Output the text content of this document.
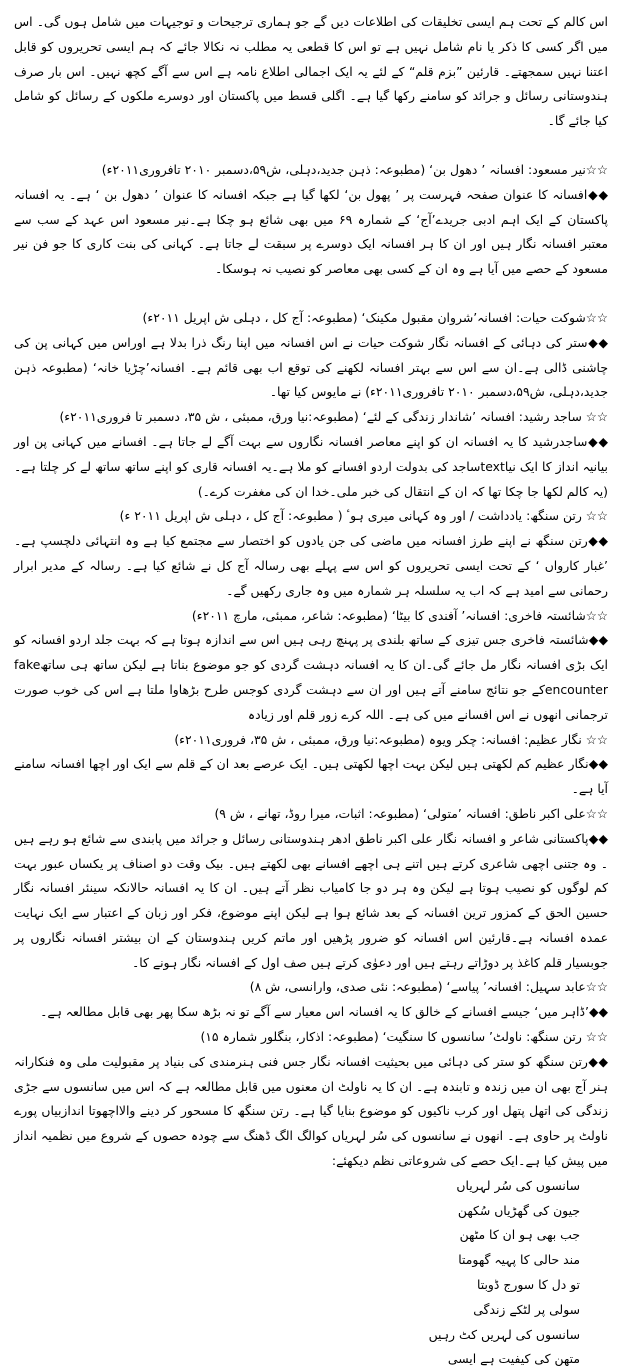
اس کالم کے تحت ہم ایسی تخلیقات کی اطلاعات دیں گے جو ہماری ترجیحات و توجیہات میں شامل ہوں گی۔ اس میں اگر کسی کا ذکر یا نام شامل نہیں ہے تو اس کا قطعی یہ مطلب نہ نکالا جائے کہ ہم ایسی تحریروں کو قابل اعتنا نہیں سمجھتے۔ قارئین ”بزم قلم“ کے لئے یہ ایک اجمالی اطلاع نامہ ہے اس سے آگے کچھ نہیں۔ اس بار صرف ہندوستانی رسائل و جرائد کو سامنے رکھا گیا ہے۔ اگلی قسط میں پاکستان اور دوسرے ملکوں کے رسائل کو شامل کیا جائے گا۔

☆☆نیر مسعود: افسانہ ’ دھول بن‘ (مطبوعہ: ذہن جدید،دہلی، ش۵۹،دسمبر ۲۰۱۰ تافروری۲۰۱۱ء)

◆◆افسانہ کا عنوان صفحہ فہرست پر ’ پھول بن‘ لکھا گیا ہے جبکہ افسانہ کا عنوان ’ دھول بن ‘ ہے۔ یہ افسانہ پاکستان کے ایک اہم ادبی جریدے’آج‘ کے شمارہ ۶۹ میں بھی شائع ہو چکا ہے۔نیر مسعود اس عہد کے سب سے معتبر افسانہ نگار ہیں اور ان کا ہر افسانہ ایک دوسرے پر سبقت لے جاتا ہے۔ کہانی کی بنت کاری کا جو فن نیر مسعود کے حصے میں آیا ہے وہ ان کے کسی بھی معاصر کو نصیب نہ ہوسکا۔

☆☆شوکت حیات: افسانہ’شروان مقبول مکینک‘ (مطبوعہ: آج کل ، دہلی ش اپریل ۲۰۱۱ء)

◆◆ستر کی دہائی کے افسانہ نگار شوکت حیات نے اس افسانہ میں اپنا رنگ ذرا بدلا ہے اوراس میں کہانی پن کی چاشنی ڈالی ہے۔ان سے اس سے بہتر افسانہ لکھنے کی توقع اب بھی قائم ہے۔ افسانہ’چڑیا خانہ‘ (مطبوعہ ذہن جدید،دہلی، ش۵۹،دسمبر ۲۰۱۰ تافروری۲۰۱۱ء) نے مایوس کیا تھا۔

☆☆ ساجد رشید: افسانہ ’شاندار زندگی کے لئے‘ (مطبوعہ:نیا ورق، ممبئی ، ش ۳۵، دسمبر تا فروری۲۰۱۱ء)

◆◆ساجدرشید کا یہ افسانہ ان کو اپنے معاصر افسانہ نگاروں سے بہت آگے لے جاتا ہے۔ افسانے میں کہانی پن اور بیانیہ انداز کا ایک نیاtextساجد کی بدولت اردو افسانے کو ملا ہے۔یہ افسانہ قاری کو اپنے ساتھ ساتھ لے کر چلتا ہے۔(یہ کالم لکھا جا چکا تھا کہ ان کے انتقال کی خبر ملی۔خدا ان کی مغفرت کرے۔)

☆☆ رتن سنگھ: یادداشت / اور وہ کہانی میری ہوٴ ( مطبوعہ: آج کل ، دہلی ش اپریل ۲۰۱۱ ء)

◆◆رتن سنگھ نے اپنے طرز افسانہ میں ماضی کی جن یادوں کو اختصار سے مجتمع کیا ہے وہ انتہائی دلچسپ ہے۔ ’غبار کارواں ‘ کے تحت ایسی تحریروں کو اس سے پہلے بھی رسالہ آج کل نے شائع کیا ہے۔ رسالہ کے مدیر ابرار رحمانی سے امید ہے کہ اب یہ سلسلہ ہر شمارہ میں وہ جاری رکھیں گے۔

☆☆شائستہ فاخری: افسانہ’ آفندی کا بیٹا‘ (مطبوعہ: شاعر، ممبئی، مارچ ۲۰۱۱ء)

◆◆شائستہ فاخری جس تیزی کے ساتھ بلندی پر پہنچ رہی ہیں اس سے اندازہ ہوتا ہے کہ بہت جلد اردو افسانہ کو ایک بڑی افسانہ نگار مل جائے گی۔ان کا یہ افسانہ دہشت گردی کو جو موضوع بناتا ہے لیکن ساتھ ہی ساتھfake encounterکے جو نتائج سامنے آتے ہیں اور ان سے دہشت گردی کوجس طرح بڑھاوا ملتا ہے اس کی خوب صورت ترجمانی انھوں نے اس افسانے میں کی ہے۔ اللہ کرے زور قلم اور زیادہ

☆☆ نگار عظیم: افسانہ: چکر ویوہ (مطبوعہ:نیا ورق، ممبئی ، ش ۳۵، فروری۲۰۱۱ء)

◆◆نگار عظیم کم لکھتی ہیں لیکن بہت اچھا لکھتی ہیں۔ ایک عرصے بعد ان کے قلم سے ایک اور اچھا افسانہ سامنے آیا ہے۔

☆☆علی اکبر ناطق: افسانہ ’متولی‘ (مطبوعہ: اثبات، میرا روڈ، تھانے ، ش ۹)

◆◆پاکستانی شاعر و افسانہ نگار علی اکبر ناطق ادھر ہندوستانی رسائل و جرائد میں پابندی سے شائع ہو رہے ہیں ۔ وہ جتنی اچھی شاعری کرتے ہیں اتنے ہی اچھے افسانے بھی لکھتے ہیں۔ بیک وقت دو اصناف پر یکساں عبور بہت کم لوگوں کو نصیب ہوتا ہے لیکن وہ ہر دو جا کامیاب نظر آتے ہیں۔ ان کا یہ افسانہ حالانکہ سینئر افسانہ نگار حسین الحق کے کمزور ترین افسانہ کے بعد شائع ہوا ہے لیکن اپنے موضوع، فکر اور زبان کے اعتبار سے ایک نہایت عمدہ افسانہ ہے۔قارئین اس افسانہ کو ضرور پڑھیں اور ماتم کریں ہندوستان کے ان بیشتر افسانہ نگاروں پر جوبسیار قلم کاغذ پر دوڑاتے رہتے ہیں اور دعوٰی کرتے ہیں صف اول کے افسانہ نگار ہونے کا۔

☆☆عابد سہیل: افسانہ’ پیاسے‘ (مطبوعہ: نئی صدی، وارانسی، ش ۸)

◆◆’ڈاہر میں‘ جیسے افسانے کے خالق کا یہ افسانہ اس معیار سے آگے تو نہ بڑھ سکا پھر بھی قابل مطالعہ ہے۔

☆☆ رتن سنگھ: ناولٹ’ سانسوں کا سنگیت‘ (مطبوعہ: اذکار، بنگلور شمارہ ۱۵)

◆◆رتن سنگھ کو ستر کی دہائی میں بحیثیت افسانہ نگار جس فنی ہنرمندی کی بنیاد پر مقبولیت ملی وہ فنکارانہ ہنر آج بھی ان میں زندہ و تابندہ ہے۔ ان کا یہ ناولٹ ان معنوں میں قابل مطالعہ ہے کہ اس میں سانسوں سے جڑی زندگی کی اتھل پتھل اور کرب ناکیوں کو موضوع بنایا گیا ہے۔ رتن سنگھ کا مسحور کر دینے والااچھوتا اندازبیاں پورے ناولٹ پر حاوی ہے۔ انھوں نے سانسوں کی سُر لہریاں کوالگ الگ ڈھنگ سے چودہ حصوں کے شروع میں نظمیہ انداز میں پیش کیا ہے۔ایک حصے کی شروعاتی نظم دیکھئے:

سانسوں کی سُر لہریاں
جیون کی گھڑیاں سُکھن
جب بھی ہو ان کا مٹھن
مند حالی کا پہیہ گھومتا
تو دل کا سورج ڈوبتا
سولی پر لٹکے زندگی
سانسوں کی لہریں کٹ رہیں
متھن کی کیفیت ہے ایسی
